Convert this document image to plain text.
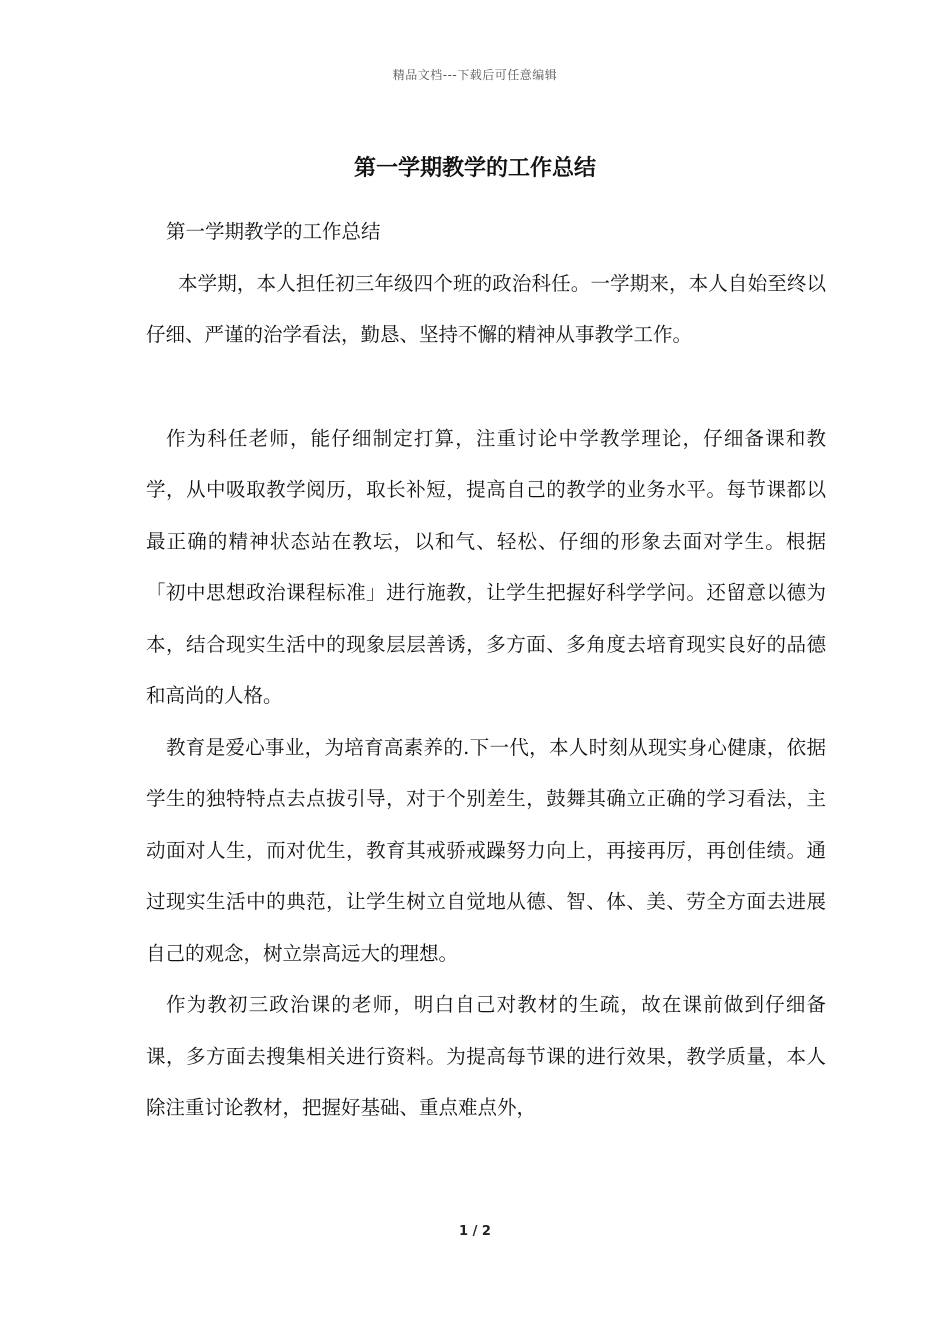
精品文档---下载后可任意编辑
第一学期教学的工作总结

第一学期教学的工作总结

本学期，本人担任初三年级四个班的政治科任。一学期来，本人自始至终以仔细、严谨的治学看法，勤恳、坚持不懈的精神从事教学工作。

作为科任老师，能仔细制定打算，注重讨论中学教学理论，仔细备课和教学，从中吸取教学阅历，取长补短，提高自己的教学的业务水平。每节课都以最正确的精神状态站在教坛，以和气、轻松、仔细的形象去面对学生。根据「初中思想政治课程标准」进行施教，让学生把握好科学学问。还留意以德为本，结合现实生活中的现象层层善诱，多方面、多角度去培育现实良好的品德和高尚的人格。

教育是爱心事业，为培育高素养的.下一代，本人时刻从现实身心健康，依据学生的独特特点去点拔引导，对于个别差生，鼓舞其确立正确的学习看法，主动面对人生，而对优生，教育其戒骄戒躁努力向上，再接再厉，再创佳绩。通过现实生活中的典范，让学生树立自觉地从德、智、体、美、劳全方面去进展自己的观念，树立崇高远大的理想。

作为教初三政治课的老师，明白自己对教材的生疏，故在课前做到仔细备课，多方面去搜集相关进行资料。为提高每节课的进行效果，教学质量，本人除注重讨论教材，把握好基础、重点难点外，

1 / 2
